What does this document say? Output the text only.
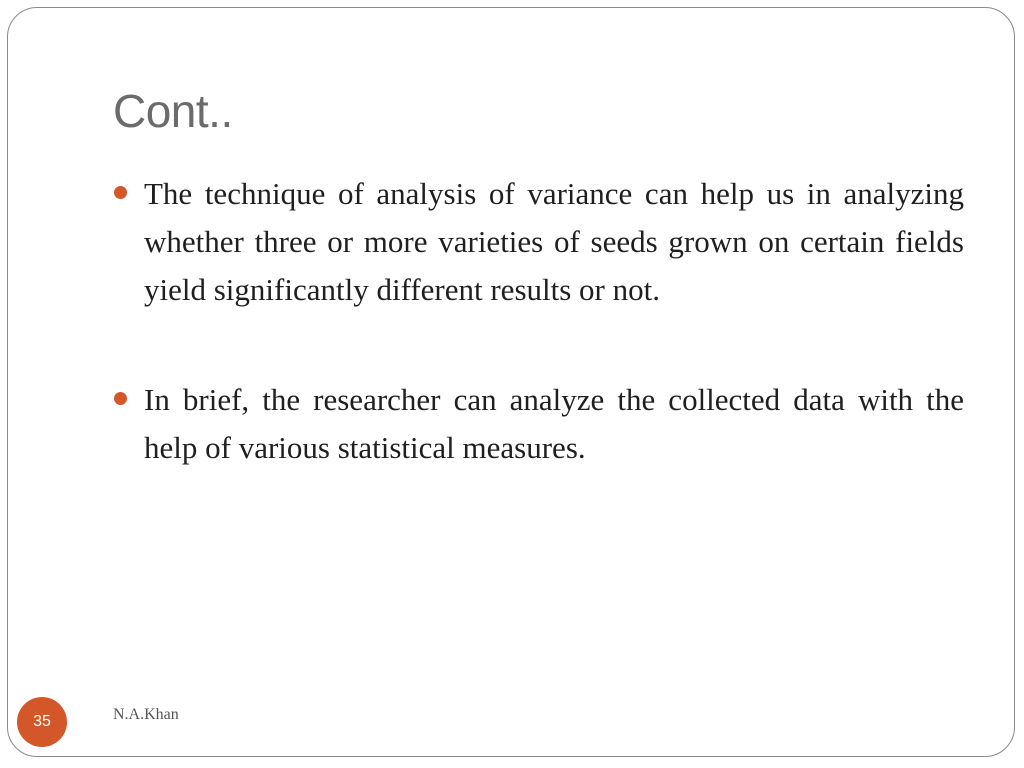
Cont..
The technique of analysis of variance can help us in analyzing whether three or more varieties of seeds grown on certain fields yield significantly different results or not.
In brief, the researcher can analyze the collected data with the help of various statistical measures.
35	N.A.Khan
